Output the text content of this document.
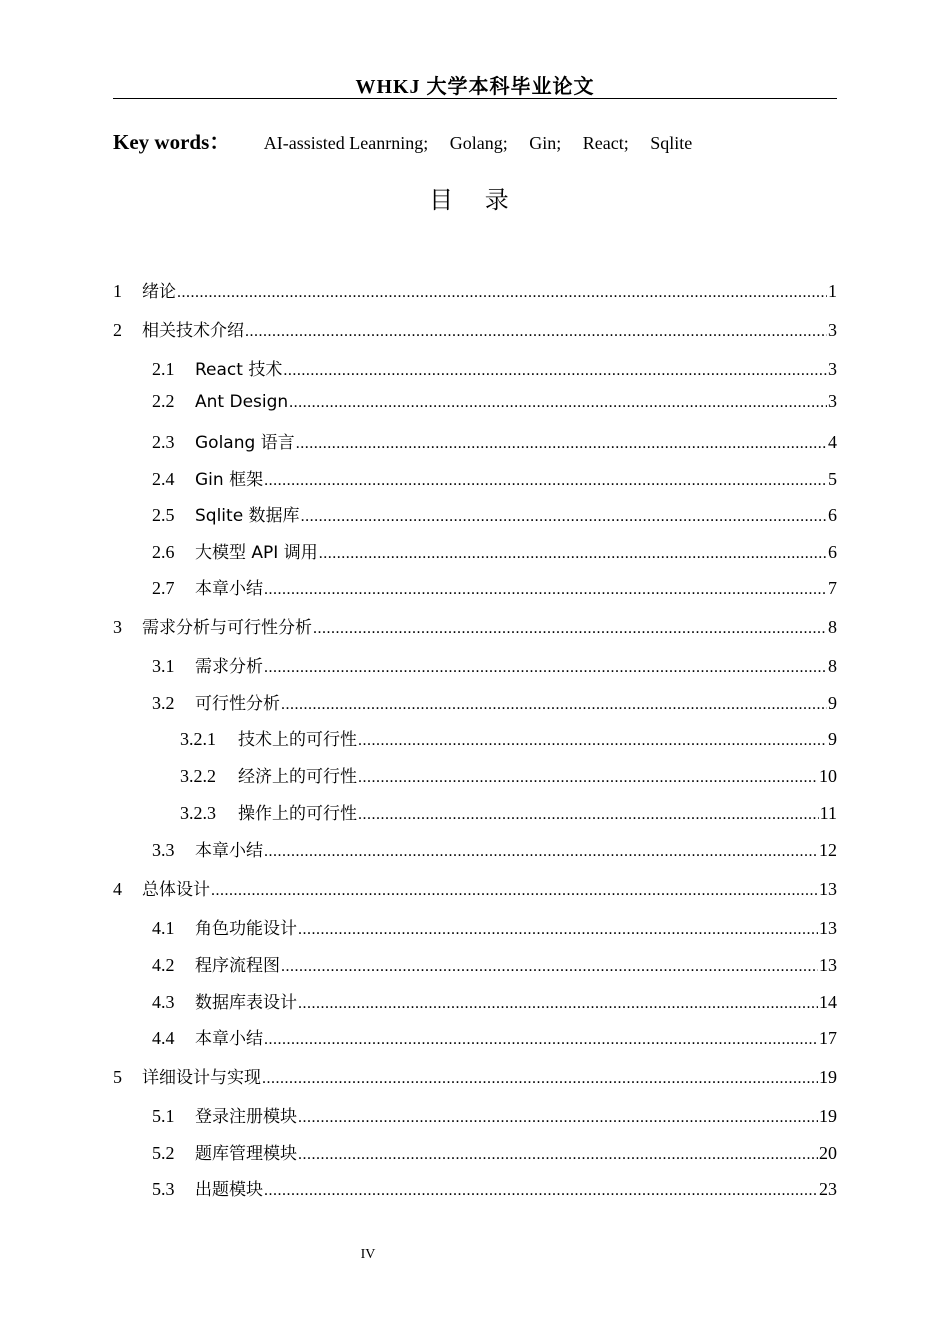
WHKJ 大学本科毕业论文
Key words： AI-assisted Leanrning; Golang; Gin; React; Sqlite
目 录
1	绪论 .....	1
2	相关技术介绍 .....	3
2.1	React 技术 .....	3
2.2	Ant Design .....	3
2.3	Golang 语言 .....	4
2.4	Gin 框架 .....	5
2.5	Sqlite 数据库 .....	6
2.6	大模型 API 调用 .....	6
2.7	本章小结 .....	7
3	需求分析与可行性分析 .....	8
3.1	需求分析 .....	8
3.2	可行性分析 .....	9
3.2.1	技术上的可行性 .....	9
3.2.2	经济上的可行性 .....	10
3.2.3	操作上的可行性 .....	11
3.3	本章小结 .....	12
4	总体设计 .....	13
4.1	角色功能设计 .....	13
4.2	程序流程图 .....	13
4.3	数据库表设计 .....	14
4.4	本章小结 .....	17
5	详细设计与实现 .....	19
5.1	登录注册模块 .....	19
5.2	题库管理模块 .....	20
5.3	出题模块 .....	23
IV
